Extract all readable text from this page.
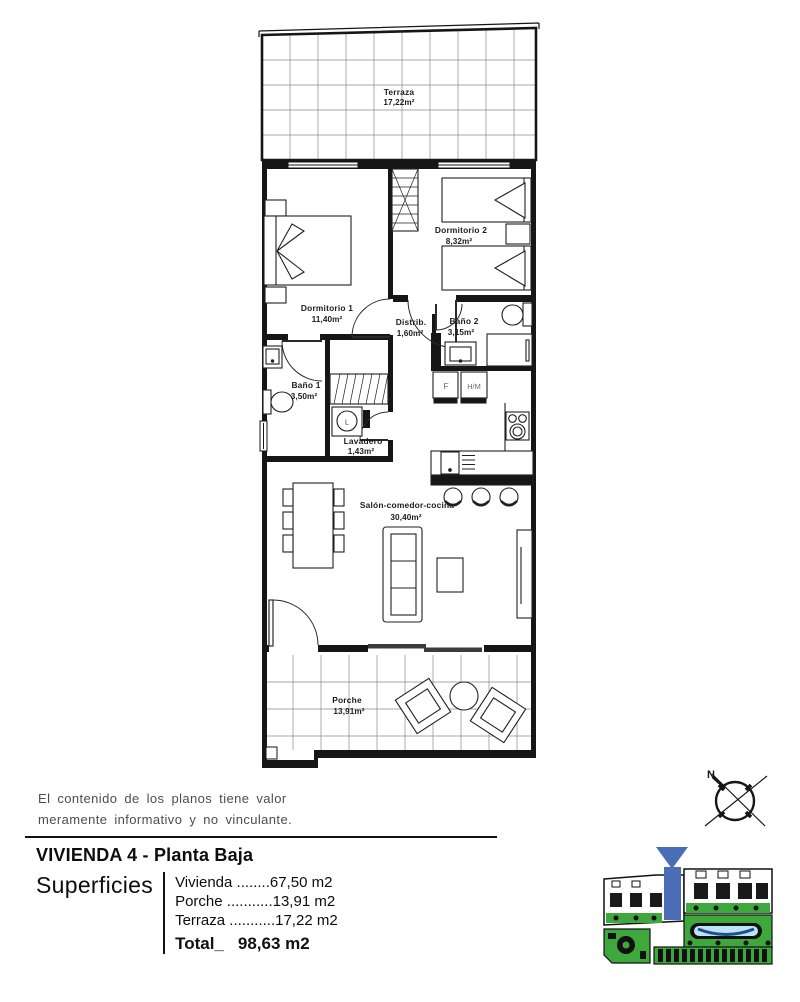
Terraza
17,22m²
Dormitorio 1
11,40m²
Dormitorio 2
8,32m²
Distrib.
1,60m²
Baño 2
3,15m²
Baño 1
3,50m²
Lavadero
1,43m²
Salón-comedor-cocina
30,40m²
Porche
13,91m²
F	H/M
L
El contenido de los planos tiene valor
meramente informativo y no vinculante.
N
VIVIENDA 4 - Planta Baja
Superficies	Vivienda ........67,50 m2
Porche ...........13,91 m2
Terraza ...........17,22 m2
Total_ 98,63 m2
